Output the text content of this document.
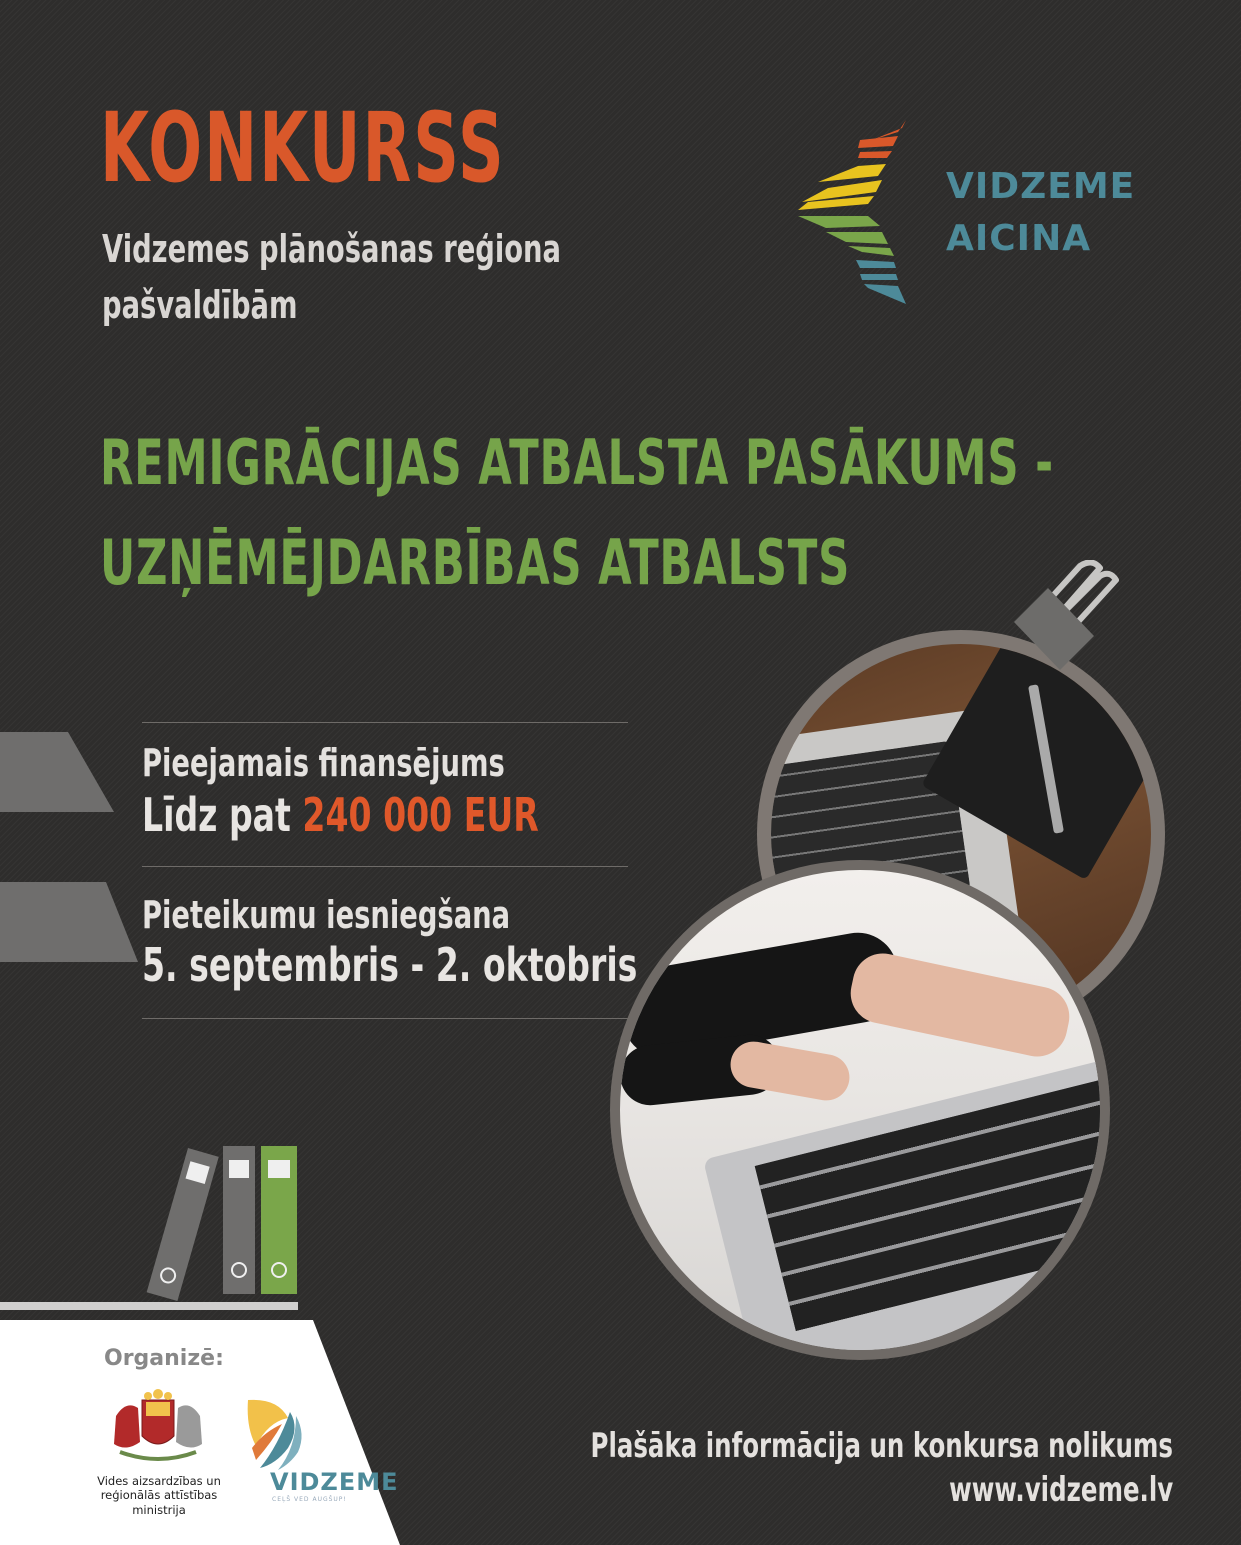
KONKURSS
Vidzemes plānošanas reģiona
pašvaldībām
VIDZEME
AICINA
REMIGRĀCIJAS ATBALSTA PASĀKUMS -
UZŅĒMĒJDARBĪBAS ATBALSTS
Pieejamais finansējums
Līdz pat 240 000 EUR
Pieteikumu iesniegšana
5. septembris - 2. oktobris
Organizē:
Vides aizsardzības un
reģionālās attīstības
ministrija
VIDZEME
CEĻŠ VED AUGŠUP!
Plašāka informācija un konkursa nolikums
www.vidzeme.lv
